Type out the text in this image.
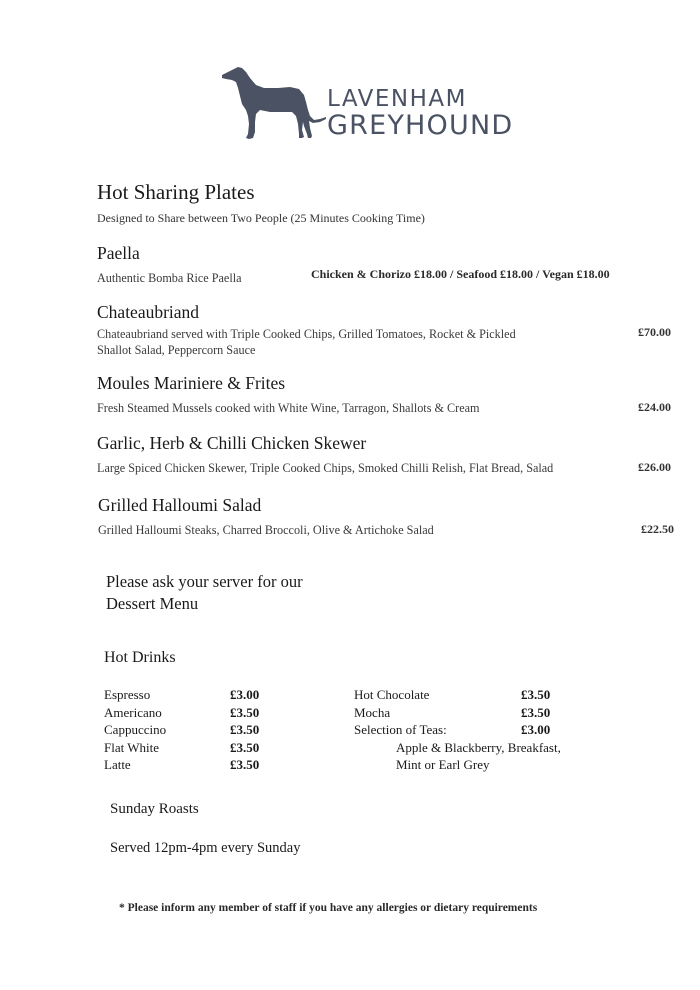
LAVENHAM
GREYHOUND
Hot Sharing Plates
Designed to Share between Two People (25 Minutes Cooking Time)
Paella
Authentic Bomba Rice Paella	Chicken & Chorizo £18.00 / Seafood £18.00 / Vegan £18.00
Chateaubriand
Chateaubriand served with Triple Cooked Chips, Grilled Tomatoes, Rocket & Pickled Shallot Salad, Peppercorn Sauce
£70.00
Moules Mariniere & Frites
Fresh Steamed Mussels cooked with White Wine, Tarragon, Shallots & Cream	£24.00
Garlic, Herb & Chilli Chicken Skewer
Large Spiced Chicken Skewer, Triple Cooked Chips, Smoked Chilli Relish, Flat Bread, Salad	£26.00
Grilled Halloumi Salad
Grilled Halloumi Steaks, Charred Broccoli, Olive & Artichoke Salad	£22.50
Please ask your server for our
Dessert Menu
Hot Drinks
Espresso	£3.00
Americano	£3.50
Cappuccino	£3.50
Flat White	£3.50
Latte	£3.50
Hot Chocolate	£3.50
Mocha	£3.50
Selection of Teas:	£3.00
Apple & Blackberry, Breakfast,
Mint or Earl Grey
Sunday Roasts
Served 12pm-4pm every Sunday
* Please inform any member of staff if you have any allergies or dietary requirements
